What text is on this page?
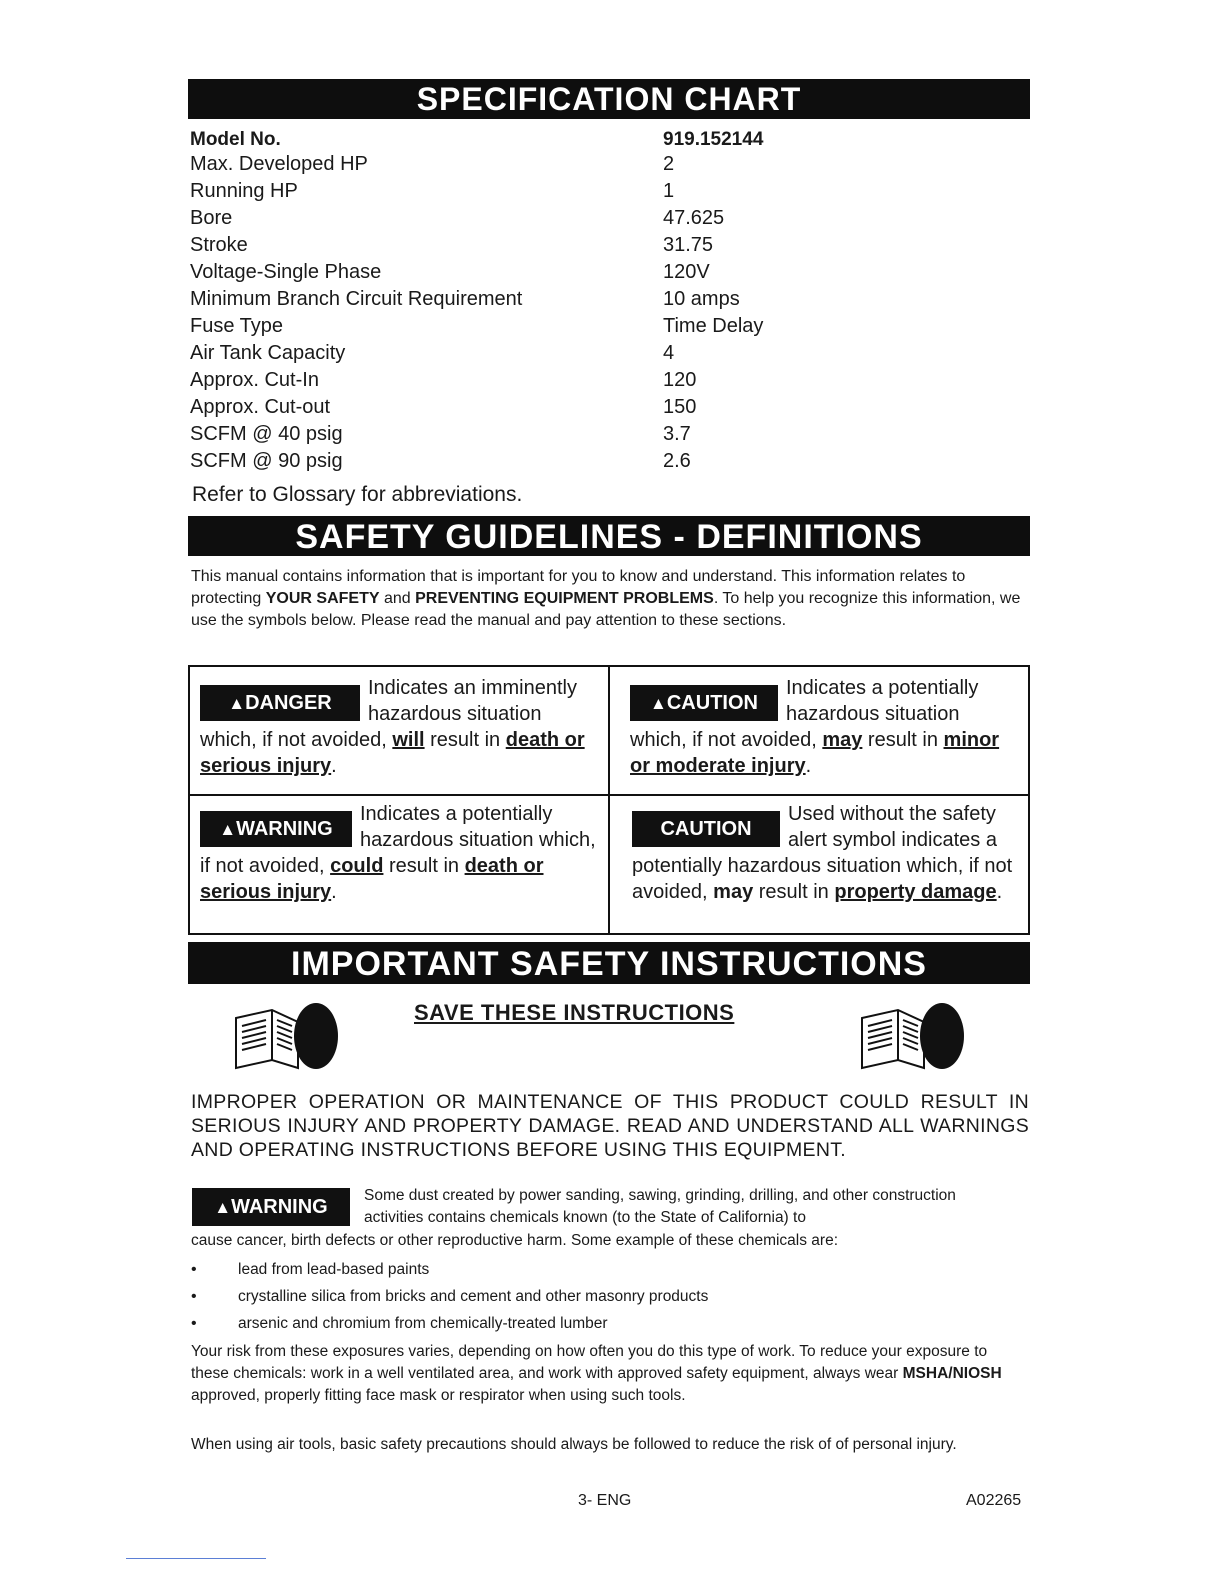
SPECIFICATION CHART
Model No.	919.152144
Max. Developed HP	2
Running HP	1
Bore	47.625
Stroke	31.75
Voltage-Single Phase	120V
Minimum Branch Circuit Requirement	10 amps
Fuse Type	Time Delay
Air Tank Capacity	4
Approx. Cut-In	120
Approx. Cut-out	150
SCFM @ 40 psig	3.7
SCFM @ 90 psig	2.6
Refer to Glossary for abbreviations.
SAFETY GUIDELINES - DEFINITIONS
This manual contains information that is important for you to know and understand. This information relates to protecting YOUR SAFETY and PREVENTING EQUIPMENT PROBLEMS. To help you recognize this information, we use the symbols below. Please read the manual and pay attention to these sections.
▲DANGER
Indicates an imminently hazardous situation which, if not avoided, will result in death or serious injury.
▲CAUTION
Indicates a potentially hazardous situation which, if not avoided, may result in minor or moderate injury.
▲WARNING
Indicates a potentially hazardous situation which, if not avoided, could result in death or serious injury.
CAUTION
Used without the safety alert symbol indicates a potentially hazardous situation which, if not avoided, may result in property damage.
IMPORTANT SAFETY INSTRUCTIONS
SAVE THESE INSTRUCTIONS
IMPROPER OPERATION OR MAINTENANCE OF THIS PRODUCT COULD RESULT IN SERIOUS INJURY AND PROPERTY DAMAGE. READ AND UNDERSTAND ALL WARNINGS AND OPERATING INSTRUCTIONS BEFORE USING THIS EQUIPMENT.
▲WARNING
Some dust created by power sanding, sawing, grinding, drilling, and other construction activities contains chemicals known (to the State of California) to
cause cancer, birth defects or other reproductive harm. Some example of these chemicals are:
•	lead from lead-based paints
•	crystalline silica from bricks and cement and other masonry products
•	arsenic and chromium from chemically-treated lumber
Your risk from these exposures varies, depending on how often you do this type of work. To reduce your exposure to these chemicals: work in a well ventilated area, and work with approved safety equipment, always wear MSHA/NIOSH approved, properly fitting face mask or respirator when using such tools.
When using air tools, basic safety precautions should always be followed to reduce the risk of of personal injury.
3- ENG	A02265
